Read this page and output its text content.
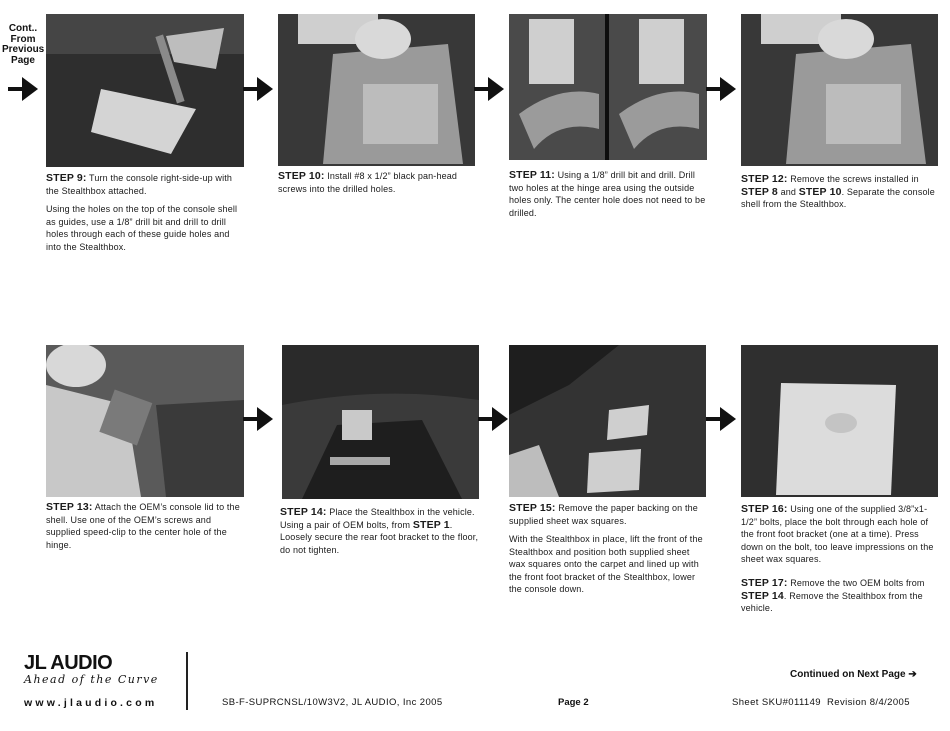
Cont..
From
Previous
Page

STEP 9: Turn the console right-side-up with the Stealthbox attached.

Using the holes on the top of the console shell as guides, use a 1/8” drill bit and drill to drill holes through each of these guide holes and into the Stealthbox.

STEP 10: Install #8 x 1/2” black pan-head screws into the drilled holes.

STEP 11: Using a 1/8” drill bit and drill. Drill two holes at the hinge area using the outside holes only. The center hole does not need to be drilled.

STEP 12: Remove the screws installed in STEP 8 and STEP 10. Separate the console shell from the Stealthbox.

STEP 13: Attach the OEM’s console lid to the shell. Use one of the OEM’s screws and supplied speed-clip to the center hole of the hinge.

STEP 14: Place the Stealthbox in the vehicle. Using a pair of OEM bolts, from STEP 1. Loosely secure the rear foot bracket to the floor, do not tighten.

STEP 15: Remove the paper backing on the supplied sheet wax squares.

With the Stealthbox in place, lift the front of the Stealthbox and position both supplied sheet wax squares onto the carpet and lined up with the front foot bracket of the Stealthbox, lower the console down.

STEP 16: Using one of the supplied 3/8”x1-1/2” bolts, place the bolt through each hole of the front foot bracket (one at a time). Press down on the bolt, too leave impressions on the sheet wax squares.

STEP 17: Remove the two OEM bolts from STEP 14. Remove the Stealthbox from the vehicle.

JL AUDIO
Ahead of the Curve
www.jlaudio.com
Continued on Next Page ➔
SB-F-SUPRCNSL/10W3V2, JL AUDIO, Inc 2005	Page 2	Sheet SKU#011149  Revision 8/4/2005
